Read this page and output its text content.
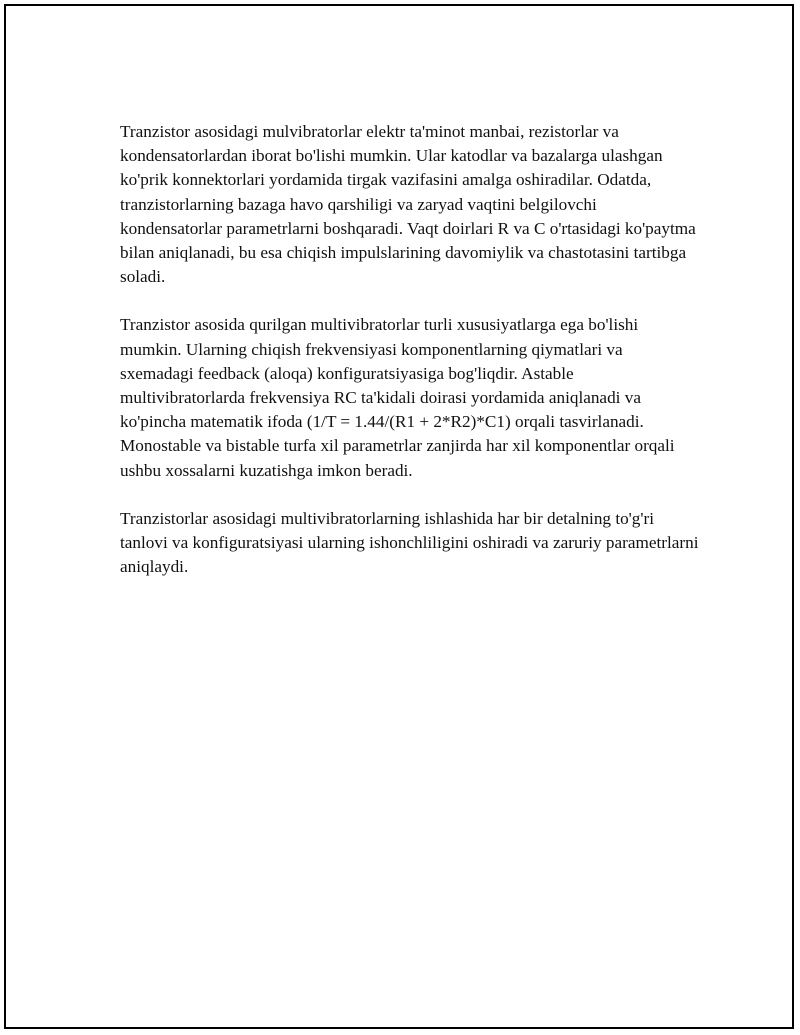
Tranzistor asosidagi mulvibratorlar elektr ta'minot manbai, rezistorlar va kondensatorlardan iborat bo'lishi mumkin. Ular katodlar va bazalarga ulashgan ko'prik konnektorlari yordamida tirgak vazifasini amalga oshiradilar. Odatda, tranzistorlarning bazaga havo qarshiligi va zaryad vaqtini belgilovchi kondensatorlar parametrlarni boshqaradi. Vaqt doirlari R va C o'rtasidagi ko'paytma bilan aniqlanadi, bu esa chiqish impulslarining davomiylik va chastotasini tartibga soladi.

Tranzistor asosida qurilgan multivibratorlar turli xususiyatlarga ega bo'lishi mumkin. Ularning chiqish frekvensiyasi komponentlarning qiymatlari va sxemadagi feedback (aloqa) konfiguratsiyasiga bog'liqdir. Astable multivibratorlarda frekvensiya RC ta'kidali doirasi yordamida aniqlanadi va ko'pincha matematik ifoda (1/T = 1.44/(R1 + 2*R2)*C1) orqali tasvirlanadi. Monostable va bistable turfa xil parametrlar zanjirda har xil komponentlar orqali ushbu xossalarni kuzatishga imkon beradi.

Tranzistorlar asosidagi multivibratorlarning ishlashida har bir detalning to'g'ri tanlovi va konfiguratsiyasi ularning ishonchliligini oshiradi va zaruriy parametrlarni aniqlaydi.
